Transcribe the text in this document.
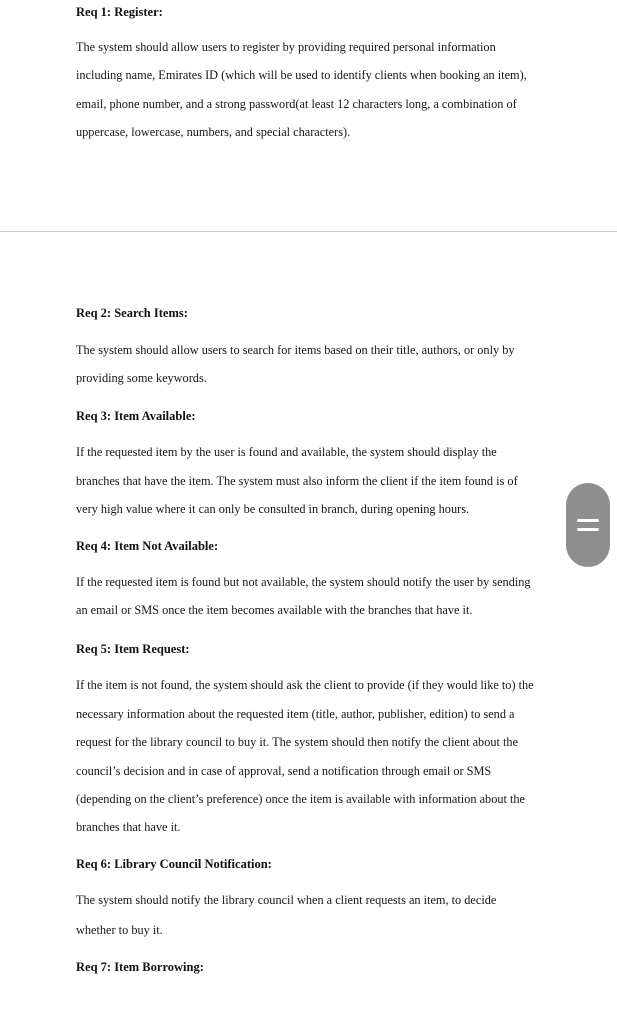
Req 1: Register:
The system should allow users to register by providing required personal information
including name, Emirates ID (which will be used to identify clients when booking an item),
email, phone number, and a strong password(at least 12 characters long, a combination of
uppercase, lowercase, numbers, and special characters).
Req 2: Search Items:
The system should allow users to search for items based on their title, authors, or only by
providing some keywords.
Req 3: Item Available:
If the requested item by the user is found and available, the system should display the
branches that have the item. The system must also inform the client if the item found is of
very high value where it can only be consulted in branch, during opening hours.
Req 4: Item Not Available:
If the requested item is found but not available, the system should notify the user by sending
an email or SMS once the item becomes available with the branches that have it.
Req 5: Item Request:
If the item is not found, the system should ask the client to provide (if they would like to) the
necessary information about the requested item (title, author, publisher, edition) to send a
request for the library council to buy it. The system should then notify the client about the
council’s decision and in case of approval, send a notification through email or SMS
(depending on the client’s preference) once the item is available with information about the
branches that have it.
Req 6: Library Council Notification:
The system should notify the library council when a client requests an item, to decide
whether to buy it.
Req 7: Item Borrowing:
